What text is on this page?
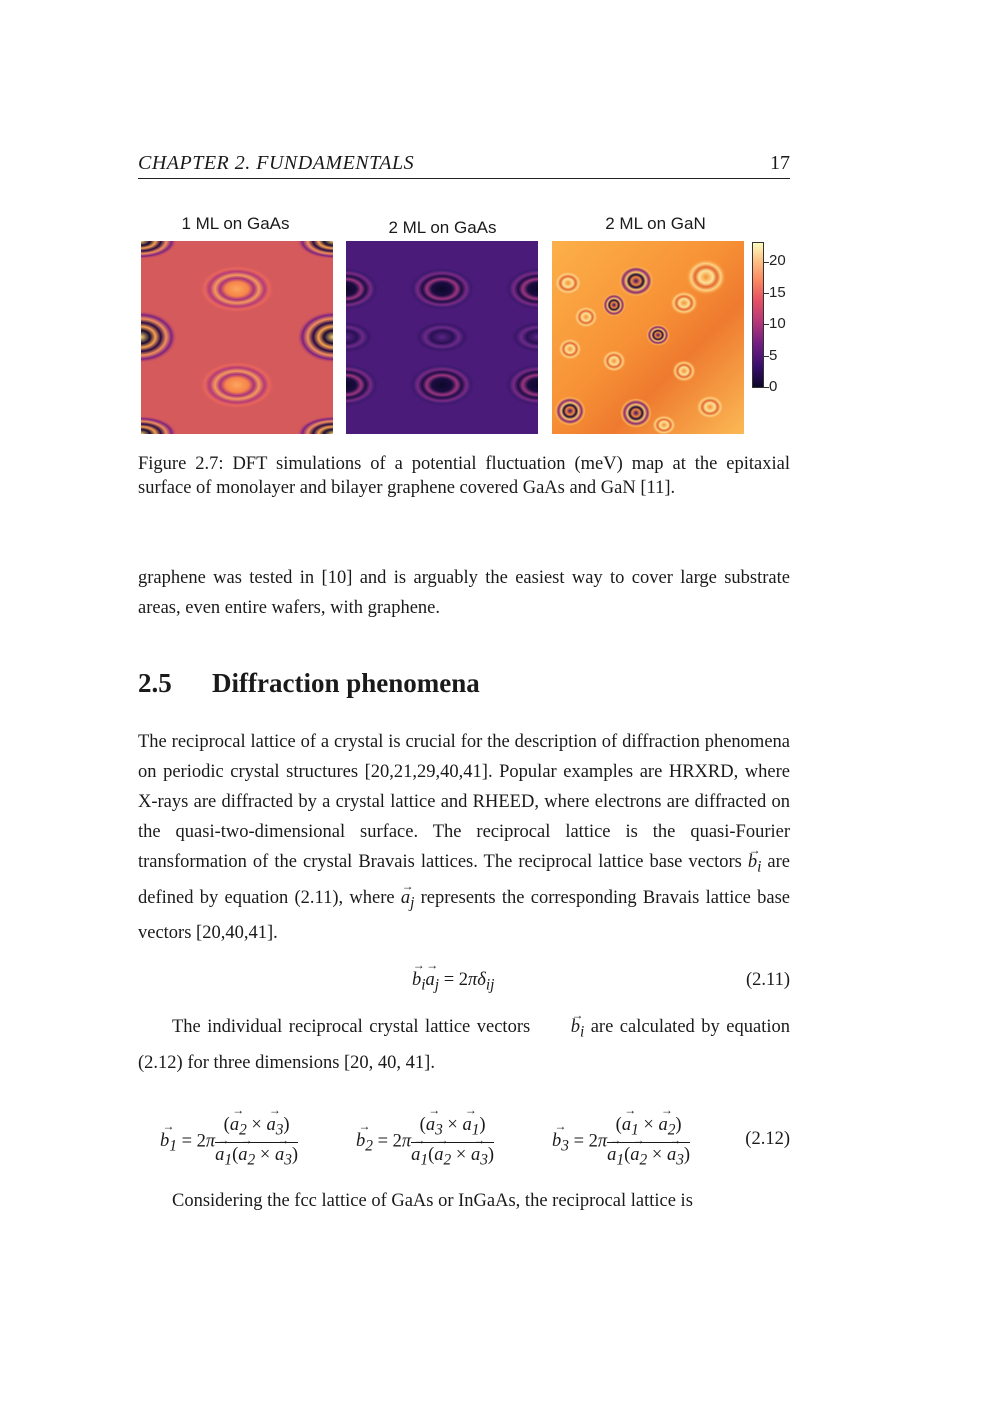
CHAPTER 2. FUNDAMENTALS	17
1 ML on GaAs	2 ML on GaAs	2 ML on GaN
20
15
10
5
0
Figure 2.7: DFT simulations of a potential fluctuation (meV) map at the epitaxial surface of monolayer and bilayer graphene covered GaAs and GaN [11].
graphene was tested in [10] and is arguably the easiest way to cover large substrate areas, even entire wafers, with graphene.
2.5 Diffraction phenomena
The reciprocal lattice of a crystal is crucial for the description of diffraction phenomena on periodic crystal structures [20,21,29,40,41]. Popular examples are HRXRD, where X-rays are diffracted by a crystal lattice and RHEED, where electrons are diffracted on the quasi-two-dimensional surface. The reciprocal lattice is the quasi-Fourier transformation of the crystal Bravais lattices. The reciprocal lattice base vectors → $b_i$ are defined by equation (2.11), where → $a_j$ represents the corresponding Bravais lattice base vectors [20,40,41].
→ $b_i\to a_j = 2\pi\delta_{ij}$	(2.11)
The individual reciprocal crystal lattice vectors → $b_i$ are calculated by equation (2.12) for three dimensions [20, 40, 41].
→ $b_1 = 2\pi$ (→ $a_2$ × → $a_3$)
→ $a_1(\to a_2$ × → $a_3$)	→ $b_2 = 2\pi$ (→ $a_3$ × → $a_1$)
→ $a_1(\to a_2$ × → $a_3$)	→ $b_3 = 2\pi$ (→ $a_1$ × → $a_2$)
→ $a_1(\to a_2$ × → $a_3$)	(2.12)
Considering the fcc lattice of GaAs or InGaAs, the reciprocal lattice is
